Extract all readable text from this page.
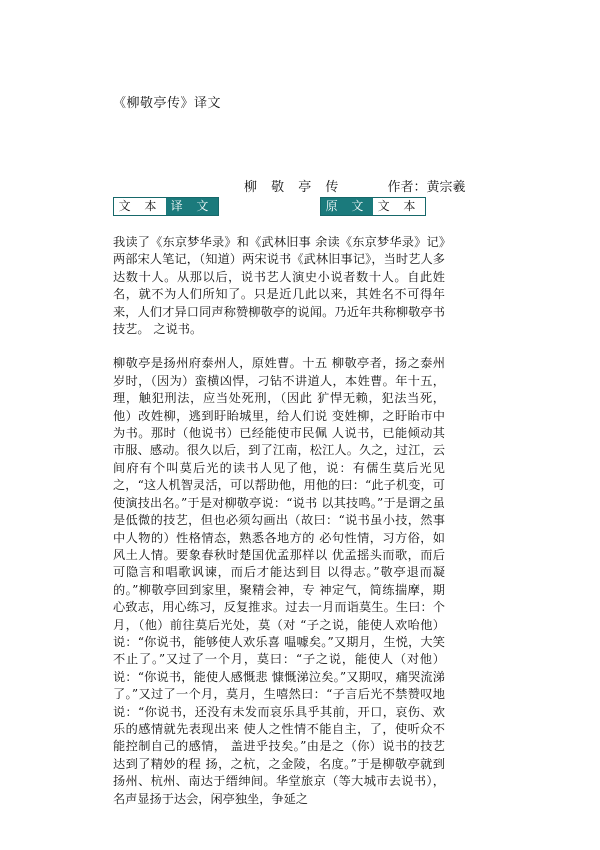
《柳敬亭传》译文
柳 敬 亭 传	作者：黄宗羲
文 本 译 文	原 文 文 本

我读了《东京梦华录》和《武林旧事 余读《东京梦华录》记》两部宋人笔记，（知道）两宋说书《武林旧事记》，当时艺人多达数十人。从那以后，说书艺人演史小说者数十人。自此姓名，就不为人们所知了。只是近几此以来，其姓名不可得年来，人们才异口同声称赞柳敬亭的说闻。乃近年共称柳敬亭书技艺。 之说书。

柳敬亭是扬州府泰州人，原姓曹。十五 柳敬亭者，扬之泰州岁时，（因为）蛮横凶悍，刁钻不讲道人，本姓曹。年十五，理，触犯刑法，应当处死刑，（因此 犷悍无赖，犯法当死，他）改姓柳，逃到盱眙城里，给人们说 变姓柳，之盱眙市中为书。那时（他说书）已经能使市民佩 人说书，已能倾动其市服、感动。很久以后，到了江南，松江人。久之，过江，云间府有个叫莫后光的读书人见了他，说：有儒生莫后光见之，“这人机智灵活，可以帮助他，用他的曰：“此子机变，可使演技出名。”于是对柳敬亭说：“说书 以其技鸣。”于是谓之虽是低微的技艺，但也必须勾画出（故曰：“说书虽小技，然事中人物的）性格情态，熟悉各地方的 必句性情，习方俗，如风土人情。要象春秋时楚国优孟那样以 优孟摇头而歌，而后可隐言和唱歌讽谏，而后才能达到目 以得志。”敬亭退而凝的。”柳敬亭回到家里，聚精会神，专 神定气，简练揣摩，期心致志，用心练习，反复推求。过去一月而诣莫生。生曰：个月，（他）前往莫后光处，莫（对 “子之说，能使人欢咍他）说：“你说书，能够使人欢乐喜 嗢噱矣。”又期月，生悦，大笑不止了。”又过了一个月，莫曰：“子之说，能使人（对他）说：“你说书，能使人感慨悲 慷慨涕泣矣。”又期叹，痛哭流涕了。”又过了一个月，莫月，生嘻然曰：“子言后光不禁赞叹地说：“你说书，还没有未发而哀乐具乎其前，开口，哀伤、欢乐的感情就先表现出来 使人之性情不能自主，了，使听众不能控制自己的感情， 盖进乎技矣。”由是之（你）说书的技艺达到了精妙的程 扬，之杭，之金陵，名度。”于是柳敬亭就到扬州、杭州、南达于缙绅间。华堂旅京（等大城市去说书），名声显扬于达会，闲亭独坐，争延之
